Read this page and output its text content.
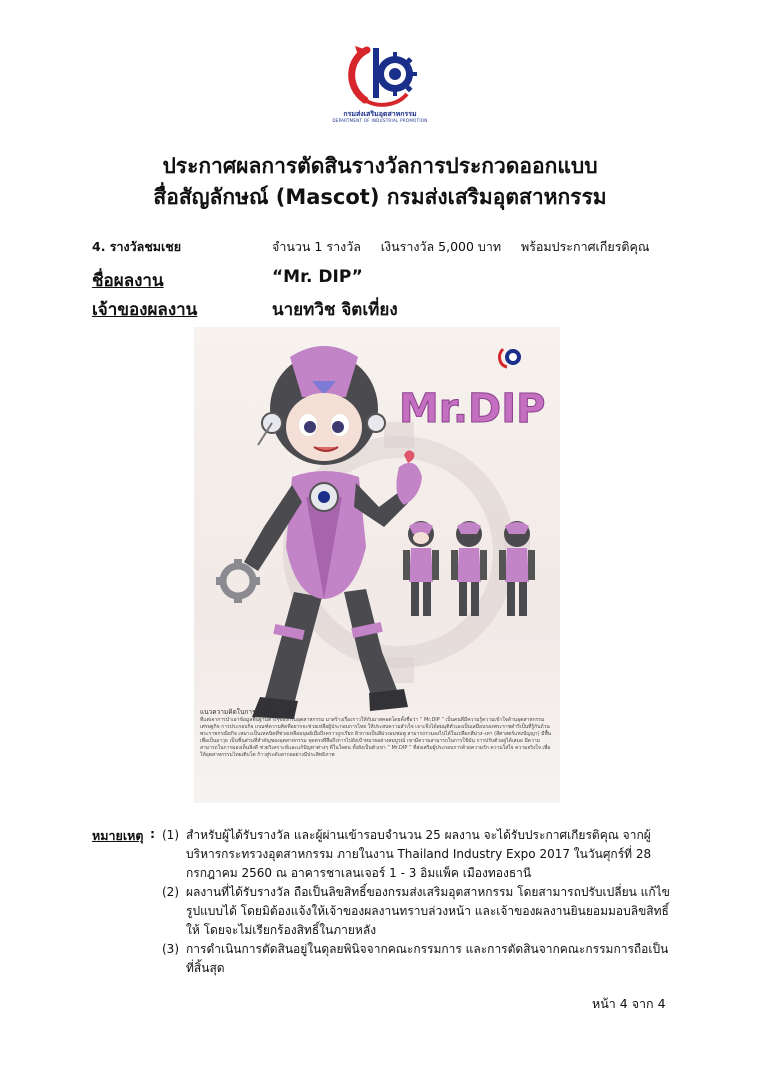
กรมส่งเสริมอุตสาหกรรม
DEPARTMENT OF INDUSTRIAL PROMOTION
ประกาศผลการตัดสินรางวัลการประกวดออกแบบ
สื่อสัญลักษณ์ (Mascot) กรมส่งเสริมอุตสาหกรรม
4. รางวัลชมเชย	จำนวน 1 รางวัล     เงินรางวัล 5,000 บาท     พร้อมประกาศเกียรติคุณ
ชื่อผลงาน	“Mr. DIP”
เจ้าของผลงาน	นายทวิช จิตเที่ยง
Mr.DIP
แนวความคิดในการออกแบบ
ที่แต่เจาการนำเอาข้อมูลพื้นฐานต่างๆของกรมอุตสาหกรรม มาสร้างเรื่องราวให้กับมาสคอตโดยตั้งชื่อว่า “ Mr.DIP ” เป็นคนที่มีความรู้ความเข้าใจด้านอุตสาหกรรม เศรษฐกิจ การประกอบกิจ เกณฑ์ความคิดที่อยากจะช่วยเหลือผู้ประกอบการไทย ให้ประสบความสำเร็จ เจาะจึงได้สมมุติตัวเองเป็นเสมือนรองพระราชดำริเป็นที่รู้กันถ้วนพระราชกรณียกิจ เหมาะเป็นเทคนิคที่ช่วยเหลือมนุษย์เมื่อถึงคราวถูกเรียก ผิวกายเป็นสีม่วงอมชมพู สามารถรวมลงไปได้ในเปลือกสีม่วง–เทา (สีศาสตร์แห่งปัญญา) มีพื้นเพื่อเป็นอาวุธ เป็นชิ้นส่วนที่สำคัญของอุตสาหกรรม จุดตรงที่สื่อถึงการไปยังเป้าหมายอย่างสมบูรณ์ เขามีความสามารถในการใช้มัน การปรับตัวอยู่ได้เสมอ มีความสามารถในการมองเห็นสิ่งดี ช่วยวิเคราะห์และแก้ปัญหาต่างๆ ที่ในใจตน ทั้งยังเป็นตัวเขา “ Mr.DIP ” ที่ส่งเสริมผู้ประกอบการด้วยความรัก ความใส่ใจ ความจริงใจ เพื่อให้อุตสาหกรรมไทยเติบโต ก้าวสู่ระดับสากลอย่างมีประสิทธิภาพ
หมายเหตุ : (1) สำหรับผู้ได้รับรางวัล และผู้ผ่านเข้ารอบจำนวน 25 ผลงาน จะได้รับประกาศเกียรติคุณ จากผู้บริหารกระทรวงอุตสาหกรรม ภายในงาน Thailand Industry Expo 2017 ในวันศุกร์ที่ 28 กรกฎาคม 2560 ณ อาคารชาเลนเจอร์ 1 - 3 อิมแพ็ค เมืองทองธานี
(2) ผลงานที่ได้รับรางวัล ถือเป็นลิขสิทธิ์ของกรมส่งเสริมอุตสาหกรรม โดยสามารถปรับเปลี่ยน แก้ไขรูปแบบได้ โดยมิต้องแจ้งให้เจ้าของผลงานทราบล่วงหน้า และเจ้าของผลงานยินยอมมอบลิขสิทธิ์ให้ โดยจะไม่เรียกร้องสิทธิ์ในภายหลัง
(3) การดำเนินการตัดสินอยู่ในดุลยพินิจจากคณะกรรมการ และการตัดสินจากคณะกรรมการถือเป็นที่สิ้นสุด
หน้า 4 จาก 4
